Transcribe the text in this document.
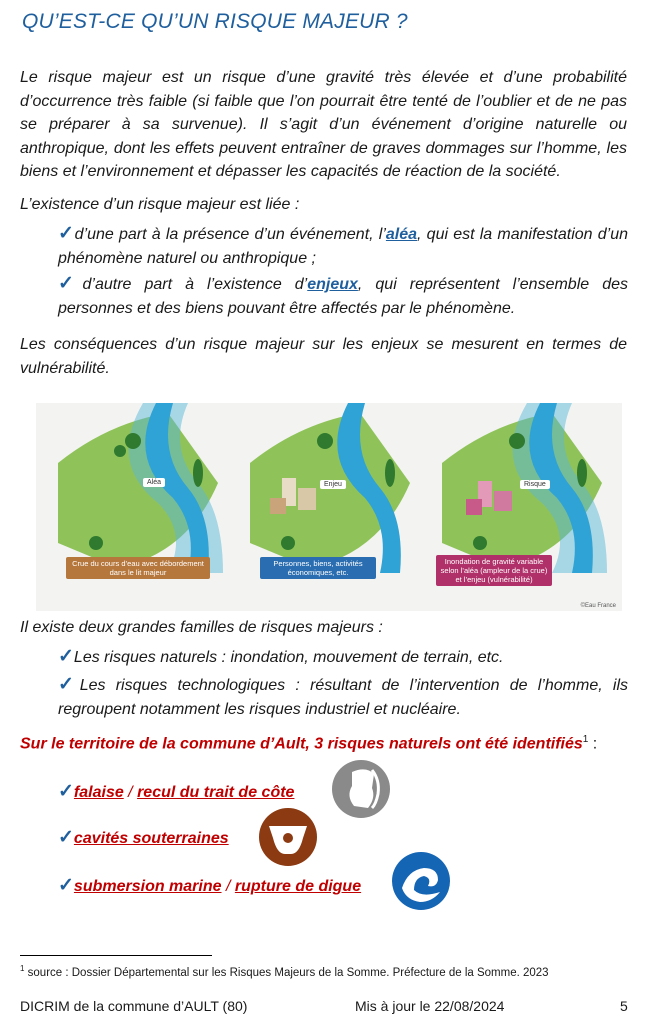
QU’EST-CE QU’UN RISQUE MAJEUR ?
Le risque majeur est un risque d’une gravité très élevée et d’une probabilité d’occurrence très faible (si faible que l’on pourrait être tenté de l’oublier et de ne pas se préparer à sa survenue). Il s’agit d’un événement d’origine naturelle ou anthropique, dont les effets peuvent entraîner de graves dommages sur l’homme, les biens et l’environnement et dépasser les capacités de réaction de la société.
L’existence d’un risque majeur est liée :
✓d’une part à la présence d’un événement, l’aléa, qui est la manifestation d’un phénomène naturel ou anthropique ;
✓d’autre part à l’existence d’enjeux, qui représentent l’ensemble des personnes et des biens pouvant être affectés par le phénomène.
Les conséquences d’un risque majeur sur les enjeux se mesurent en termes de vulnérabilité.
Aléa
Crue du cours d’eau avec débordement dans le lit majeur
Enjeu
Personnes, biens, activités économiques, etc.
Risque
Inondation de gravité variable selon l’aléa (ampleur de la crue) et l’enjeu (vulnérabilité)
©Eau France
Il existe deux grandes familles de risques majeurs :
✓Les risques naturels : inondation, mouvement de terrain, etc.
✓Les risques technologiques : résultant de l’intervention de l’homme, ils regroupent notamment les risques industriel et nucléaire.
Sur le territoire de la commune d’Ault, 3 risques naturels ont été identifiés$^1$ :
✓falaise / recul du trait de côte
✓cavités souterraines
✓submersion marine / rupture de digue
$^1$ source : Dossier Départemental sur les Risques Majeurs de la Somme. Préfecture de la Somme. 2023
DICRIM de la commune d’AULT (80)	Mis à jour le 22/08/2024	5
